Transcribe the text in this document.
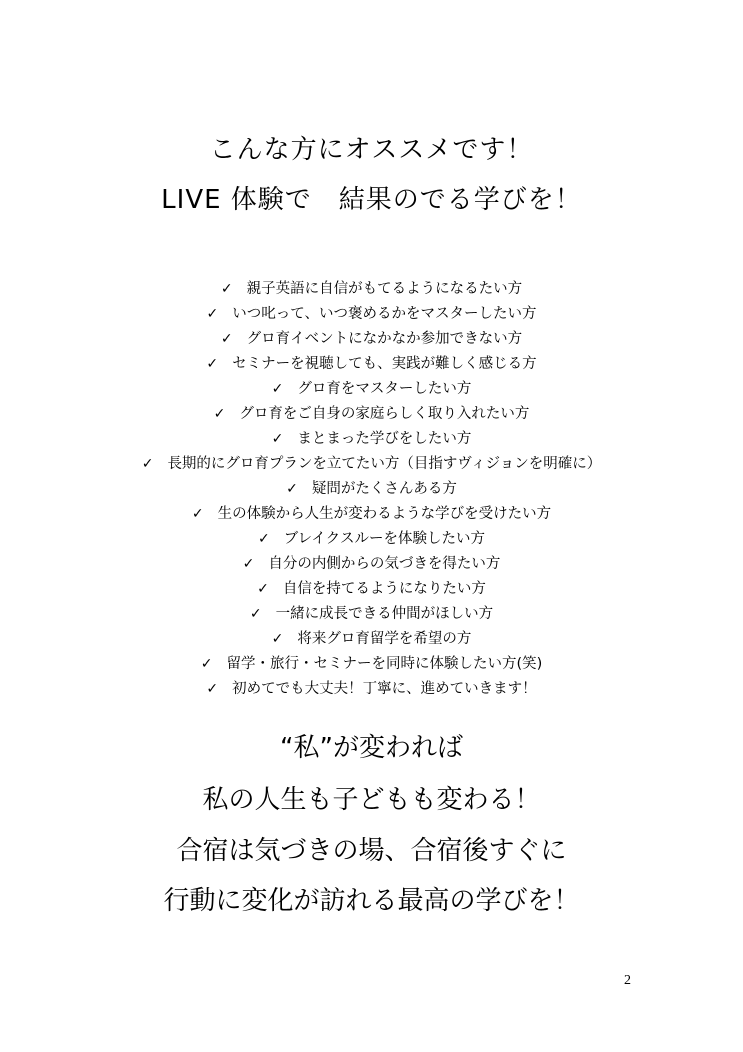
こんな方にオススメです！
LIVE 体験で　結果のでる学びを！
✓ 親子英語に自信がもてるようになるたい方
✓ いつ叱って、いつ褒めるかをマスターしたい方
✓ グロ育イベントになかなか参加できない方
✓ セミナーを視聴しても、実践が難しく感じる方
✓ グロ育をマスターしたい方
✓ グロ育をご自身の家庭らしく取り入れたい方
✓ まとまった学びをしたい方
✓ 長期的にグロ育プランを立てたい方（目指すヴィジョンを明確に）
✓ 疑問がたくさんある方
✓ 生の体験から人生が変わるような学びを受けたい方
✓ ブレイクスルーを体験したい方
✓ 自分の内側からの気づきを得たい方
✓ 自信を持てるようになりたい方
✓ 一緒に成長できる仲間がほしい方
✓ 将来グロ育留学を希望の方
✓ 留学・旅行・セミナーを同時に体験したい方(笑)
✓ 初めてでも大丈夫！丁寧に、進めていきます！
“私”が変われば
私の人生も子どもも変わる！
合宿は気づきの場、合宿後すぐに
行動に変化が訪れる最高の学びを！
2
